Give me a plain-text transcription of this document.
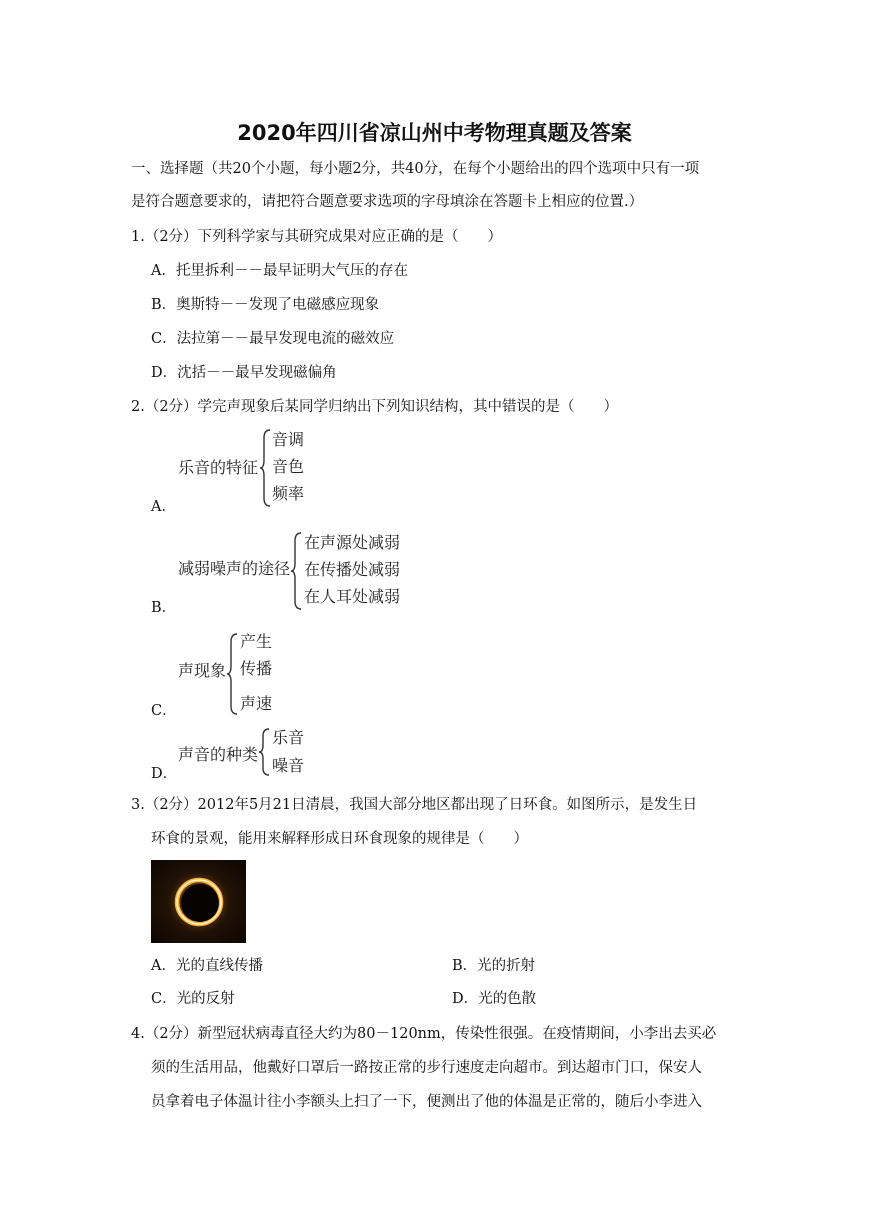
2020年四川省凉山州中考物理真题及答案
一、选择题（共20个小题，每小题2分，共40分，在每个小题给出的四个选项中只有一项
是符合题意要求的，请把符合题意要求选项的字母填涂在答题卡上相应的位置.）
1.（2分）下列科学家与其研究成果对应正确的是（　　）
A．托里拆利－－最早证明大气压的存在
B．奥斯特－－发现了电磁感应现象
C．法拉第－－最早发现电流的磁效应
D．沈括－－最早发现磁偏角
2.（2分）学完声现象后某同学归纳出下列知识结构，其中错误的是（　　）
乐音的特征
音调
音色
频率
A．
减弱噪声的途径
在声源处减弱
在传播处减弱
在人耳处减弱
B．
声现象
产生
传播
声速
C．
声音的种类
乐音
噪音
D．
3.（2分）2012年5月21日清晨，我国大部分地区都出现了日环食。如图所示，是发生日
环食的景观，能用来解释形成日环食现象的规律是（　　）
A．光的直线传播	B．光的折射
C．光的反射	D．光的色散
4.（2分）新型冠状病毒直径大约为80－120nm，传染性很强。在疫情期间，小李出去买必
须的生活用品，他戴好口罩后一路按正常的步行速度走向超市。到达超市门口，保安人
员拿着电子体温计往小李额头上扫了一下，便测出了他的体温是正常的，随后小李进入
